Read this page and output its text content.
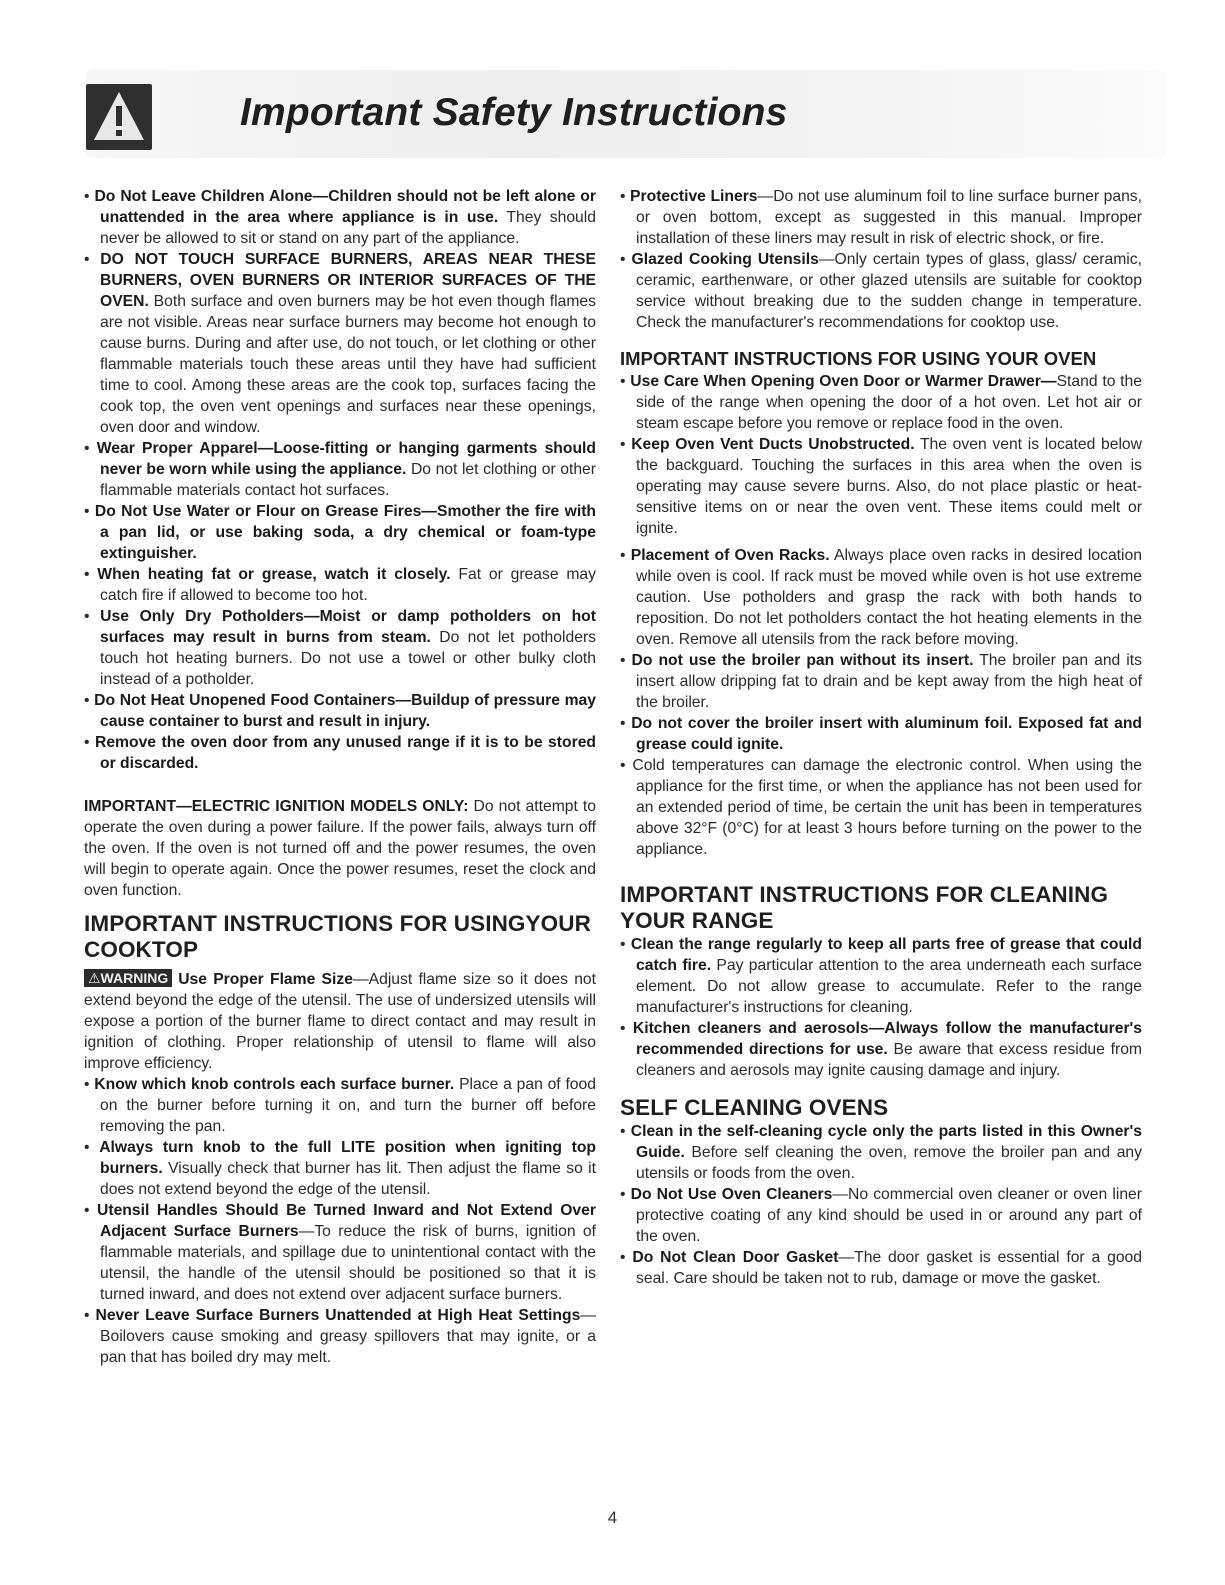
Important Safety Instructions

• Do Not Leave Children Alone—Children should not be left alone or unattended in the area where appliance is in use. They should never be allowed to sit or stand on any part of the appliance.

• DO NOT TOUCH SURFACE BURNERS, AREAS NEAR THESE BURNERS, OVEN BURNERS OR INTERIOR SURFACES OF THE OVEN. Both surface and oven burners may be hot even though flames are not visible. Areas near surface burners may become hot enough to cause burns. During and after use, do not touch, or let clothing or other flammable materials touch these areas until they have had sufficient time to cool. Among these areas are the cook top, surfaces facing the cook top, the oven vent openings and surfaces near these openings, oven door and window.

• Wear Proper Apparel—Loose-fitting or hanging garments should never be worn while using the appliance. Do not let clothing or other flammable materials contact hot surfaces.

• Do Not Use Water or Flour on Grease Fires—Smother the fire with a pan lid, or use baking soda, a dry chemical or foam-type extinguisher.

• When heating fat or grease, watch it closely. Fat or grease may catch fire if allowed to become too hot.

• Use Only Dry Potholders—Moist or damp potholders on hot surfaces may result in burns from steam. Do not let potholders touch hot heating burners. Do not use a towel or other bulky cloth instead of a potholder.

• Do Not Heat Unopened Food Containers—Buildup of pressure may cause container to burst and result in injury.

• Remove the oven door from any unused range if it is to be stored or discarded.

IMPORTANT—ELECTRIC IGNITION MODELS ONLY: Do not attempt to operate the oven during a power failure. If the power fails, always turn off the oven. If the oven is not turned off and the power resumes, the oven will begin to operate again. Once the power resumes, reset the clock and oven function.

IMPORTANT INSTRUCTIONS FOR USINGYOUR COOKTOP

⚠WARNING Use Proper Flame Size—Adjust flame size so it does not extend beyond the edge of the utensil. The use of undersized utensils will expose a portion of the burner flame to direct contact and may result in ignition of clothing. Proper relationship of utensil to flame will also improve efficiency.

• Know which knob controls each surface burner. Place a pan of food on the burner before turning it on, and turn the burner off before removing the pan.

• Always turn knob to the full LITE position when igniting top burners. Visually check that burner has lit. Then adjust the flame so it does not extend beyond the edge of the utensil.

• Utensil Handles Should Be Turned Inward and Not Extend Over Adjacent Surface Burners—To reduce the risk of burns, ignition of flammable materials, and spillage due to unintentional contact with the utensil, the handle of the utensil should be positioned so that it is turned inward, and does not extend over adjacent surface burners.

• Never Leave Surface Burners Unattended at High Heat Settings—Boilovers cause smoking and greasy spillovers that may ignite, or a pan that has boiled dry may melt.

• Protective Liners—Do not use aluminum foil to line surface burner pans, or oven bottom, except as suggested in this manual. Improper installation of these liners may result in risk of electric shock, or fire.

• Glazed Cooking Utensils—Only certain types of glass, glass/ ceramic, ceramic, earthenware, or other glazed utensils are suitable for cooktop service without breaking due to the sudden change in temperature. Check the manufacturer's recommendations for cooktop use.

IMPORTANT INSTRUCTIONS FOR USING YOUR OVEN

• Use Care When Opening Oven Door or Warmer Drawer—Stand to the side of the range when opening the door of a hot oven. Let hot air or steam escape before you remove or replace food in the oven.

• Keep Oven Vent Ducts Unobstructed. The oven vent is located below the backguard. Touching the surfaces in this area when the oven is operating may cause severe burns. Also, do not place plastic or heat-sensitive items on or near the oven vent. These items could melt or ignite.

• Placement of Oven Racks. Always place oven racks in desired location while oven is cool. If rack must be moved while oven is hot use extreme caution. Use potholders and grasp the rack with both hands to reposition. Do not let potholders contact the hot heating elements in the oven. Remove all utensils from the rack before moving.

• Do not use the broiler pan without its insert. The broiler pan and its insert allow dripping fat to drain and be kept away from the high heat of the broiler.

• Do not cover the broiler insert with aluminum foil. Exposed fat and grease could ignite.

• Cold temperatures can damage the electronic control. When using the appliance for the first time, or when the appliance has not been used for an extended period of time, be certain the unit has been in temperatures above 32°F (0°C) for at least 3 hours before turning on the power to the appliance.

IMPORTANT INSTRUCTIONS FOR CLEANING YOUR RANGE

• Clean the range regularly to keep all parts free of grease that could catch fire. Pay particular attention to the area underneath each surface element. Do not allow grease to accumulate. Refer to the range manufacturer's instructions for cleaning.

• Kitchen cleaners and aerosols—Always follow the manufacturer's recommended directions for use. Be aware that excess residue from cleaners and aerosols may ignite causing damage and injury.

SELF CLEANING OVENS

• Clean in the self-cleaning cycle only the parts listed in this Owner's Guide. Before self cleaning the oven, remove the broiler pan and any utensils or foods from the oven.

• Do Not Use Oven Cleaners—No commercial oven cleaner or oven liner protective coating of any kind should be used in or around any part of the oven.

• Do Not Clean Door Gasket—The door gasket is essential for a good seal. Care should be taken not to rub, damage or move the gasket.

4
